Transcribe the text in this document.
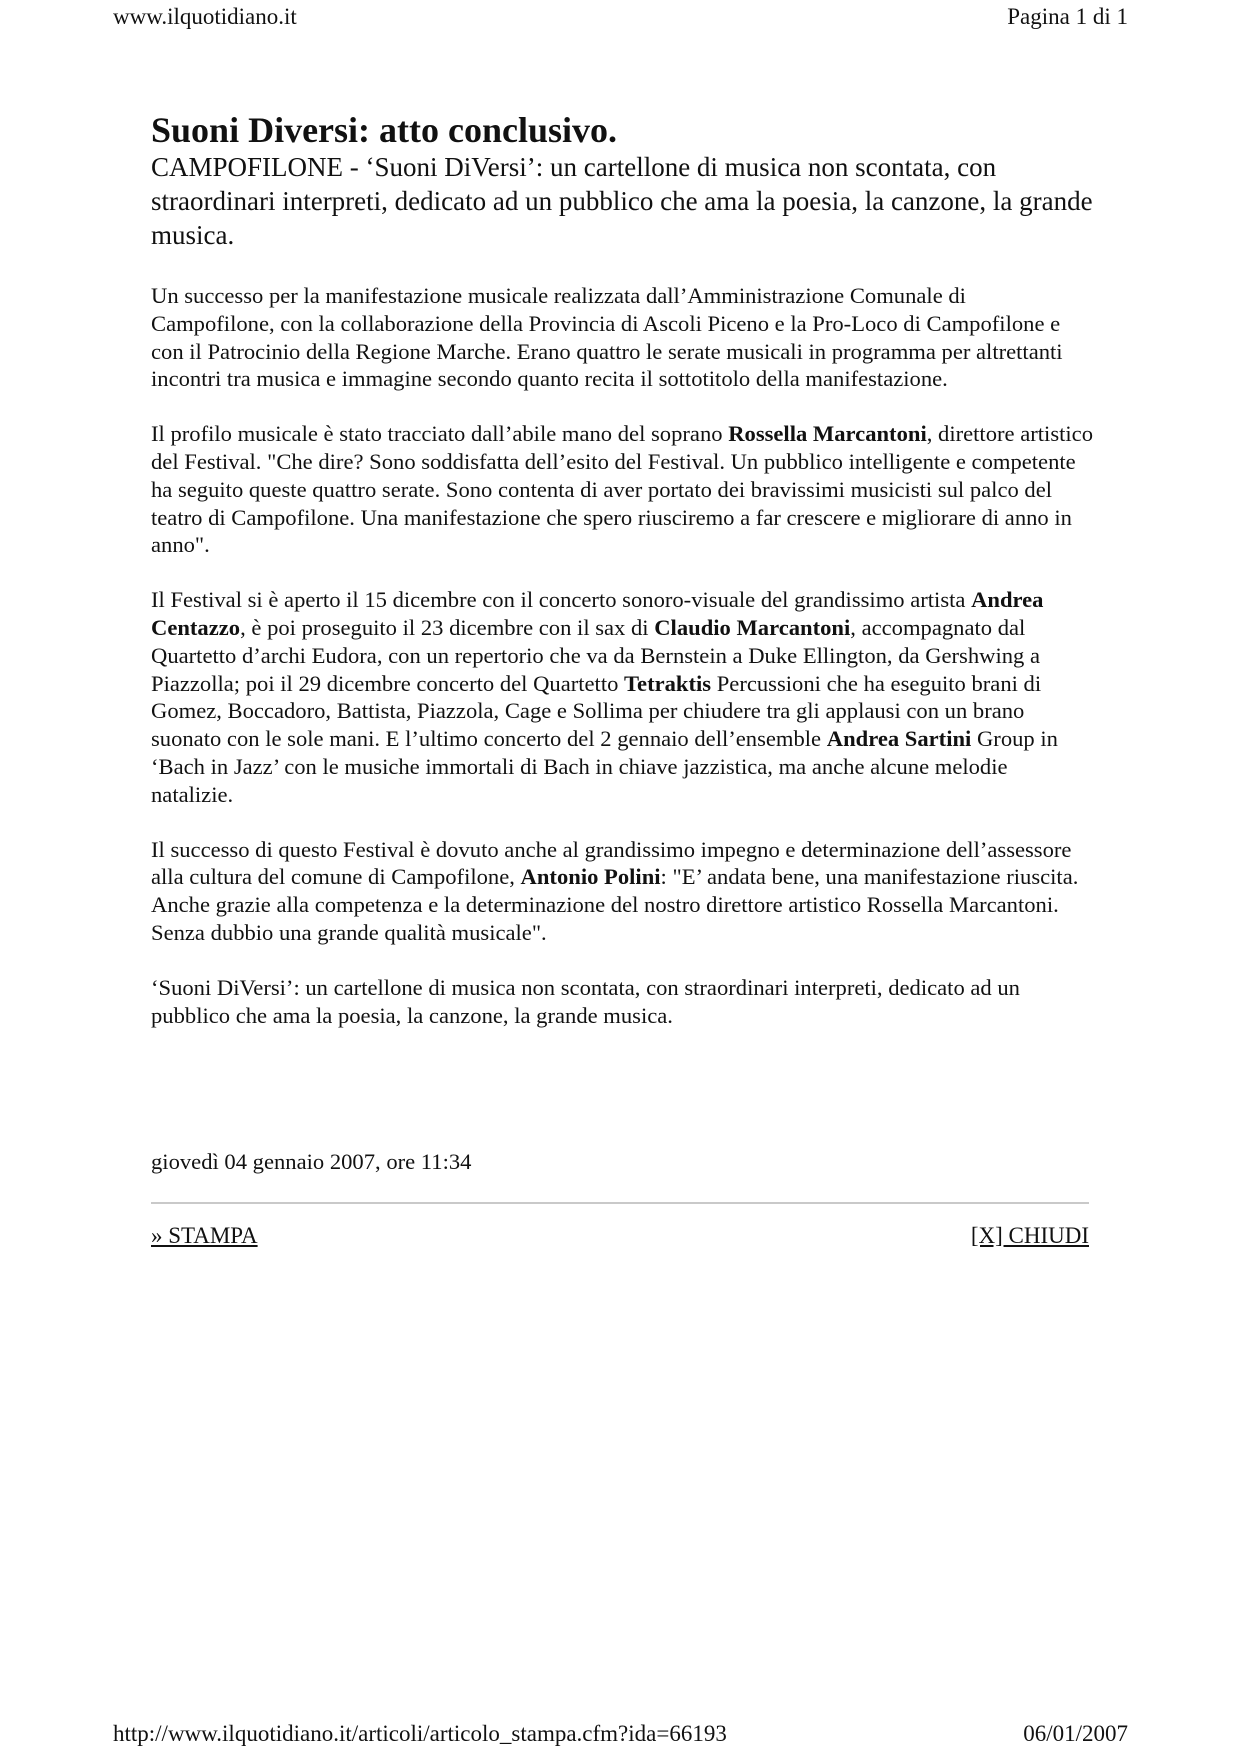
www.ilquotidiano.it	Pagina 1 di 1
Suoni Diversi: atto conclusivo.

CAMPOFILONE - ‘Suoni DiVersi’: un cartellone di musica non scontata, con straordinari interpreti, dedicato ad un pubblico che ama la poesia, la canzone, la grande musica.

Un successo per la manifestazione musicale realizzata dall’Amministrazione Comunale di Campofilone, con la collaborazione della Provincia di Ascoli Piceno e la Pro-Loco di Campofilone e con il Patrocinio della Regione Marche. Erano quattro le serate musicali in programma per altrettanti incontri tra musica e immagine secondo quanto recita il sottotitolo della manifestazione.

Il profilo musicale è stato tracciato dall’abile mano del soprano Rossella Marcantoni, direttore artistico del Festival. "Che dire? Sono soddisfatta dell’esito del Festival. Un pubblico intelligente e competente ha seguito queste quattro serate. Sono contenta di aver portato dei bravissimi musicisti sul palco del teatro di Campofilone. Una manifestazione che spero riusciremo a far crescere e migliorare di anno in anno".

Il Festival si è aperto il 15 dicembre con il concerto sonoro-visuale del grandissimo artista Andrea Centazzo, è poi proseguito il 23 dicembre con il sax di Claudio Marcantoni, accompagnato dal Quartetto d’archi Eudora, con un repertorio che va da Bernstein a Duke Ellington, da Gershwing a Piazzolla; poi il 29 dicembre concerto del Quartetto Tetraktis Percussioni che ha eseguito brani di Gomez, Boccadoro, Battista, Piazzola, Cage e Sollima per chiudere tra gli applausi con un brano suonato con le sole mani. E l’ultimo concerto del 2 gennaio dell’ensemble Andrea Sartini Group in ‘Bach in Jazz’ con le musiche immortali di Bach in chiave jazzistica, ma anche alcune melodie natalizie.

Il successo di questo Festival è dovuto anche al grandissimo impegno e determinazione dell’assessore alla cultura del comune di Campofilone, Antonio Polini: "E’ andata bene, una manifestazione riuscita. Anche grazie alla competenza e la determinazione del nostro direttore artistico Rossella Marcantoni. Senza dubbio una grande qualità musicale".

‘Suoni DiVersi’: un cartellone di musica non scontata, con straordinari interpreti, dedicato ad un pubblico che ama la poesia, la canzone, la grande musica.

giovedì 04 gennaio 2007, ore 11:34

» STAMPA	[X] CHIUDI
http://www.ilquotidiano.it/articoli/articolo_stampa.cfm?ida=66193	06/01/2007
